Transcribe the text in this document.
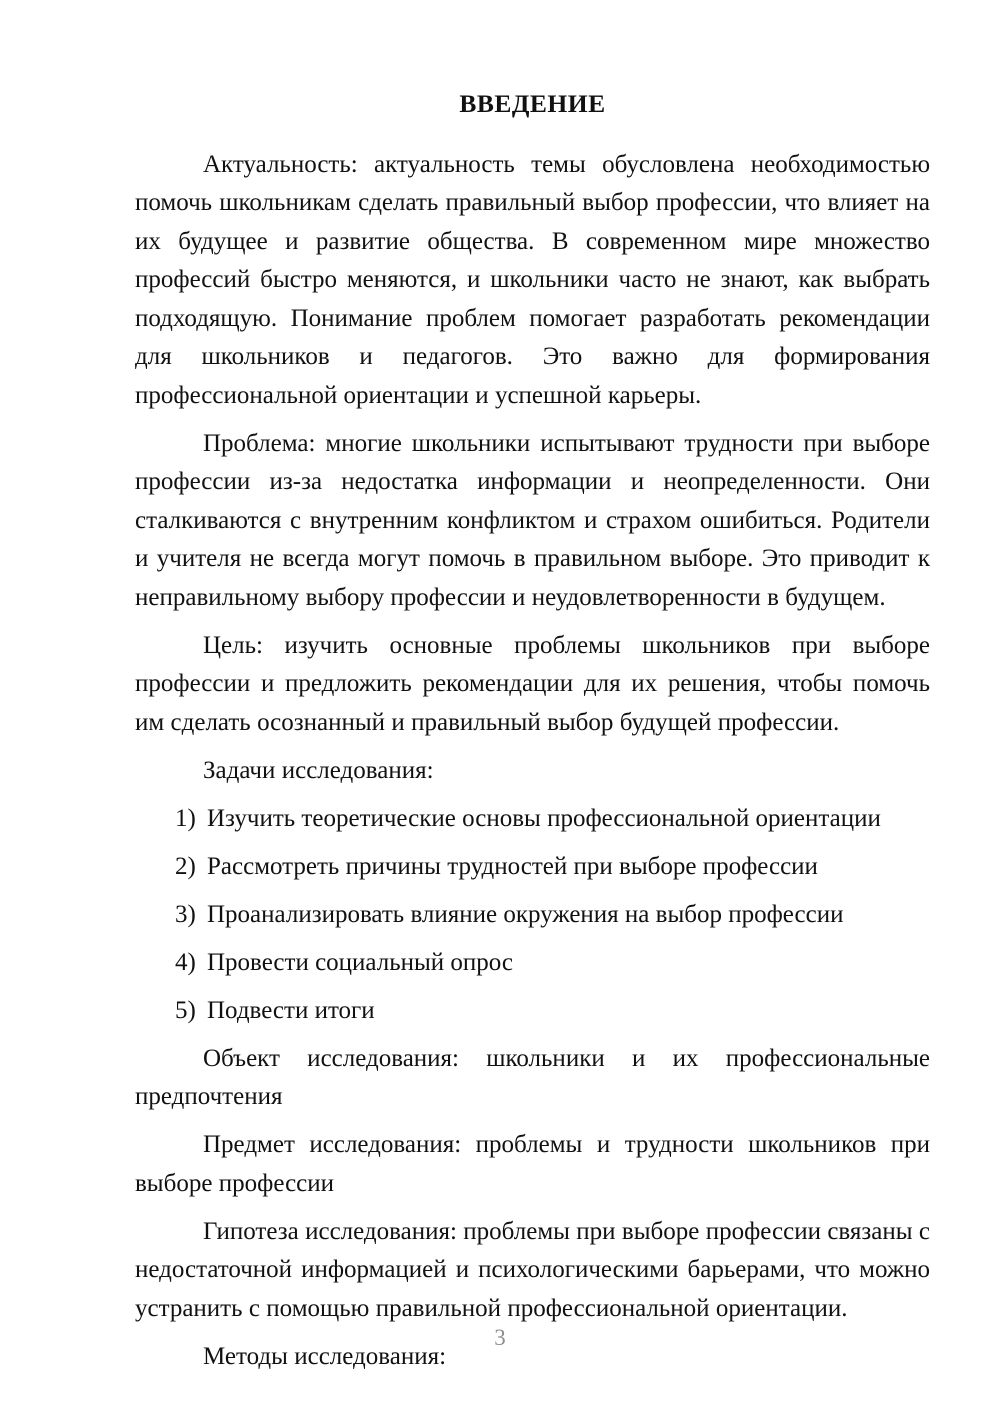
ВВЕДЕНИЕ

Актуальность: актуальность темы обусловлена необходимостью помочь школьникам сделать правильный выбор профессии, что влияет на их будущее и развитие общества. В современном мире множество профессий быстро меняются, и школьники часто не знают, как выбрать подходящую. Понимание проблем помогает разработать рекомендации для школьников и педагогов. Это важно для формирования профессиональной ориентации и успешной карьеры.

Проблема: многие школьники испытывают трудности при выборе профессии из-за недостатка информации и неопределенности. Они сталкиваются с внутренним конфликтом и страхом ошибиться. Родители и учителя не всегда могут помочь в правильном выборе. Это приводит к неправильному выбору профессии и неудовлетворенности в будущем.

Цель: изучить основные проблемы школьников при выборе профессии и предложить рекомендации для их решения, чтобы помочь им сделать осознанный и правильный выбор будущей профессии.

Задачи исследования:

1) Изучить теоретические основы профессиональной ориентации
2) Рассмотреть причины трудностей при выборе профессии
3) Проанализировать влияние окружения на выбор профессии
4) Провести социальный опрос
5) Подвести итоги

Объект исследования: школьники и их профессиональные предпочтения

Предмет исследования: проблемы и трудности школьников при выборе профессии

Гипотеза исследования: проблемы при выборе профессии связаны с недостаточной информацией и психологическими барьерами, что можно устранить с помощью правильной профессиональной ориентации.

Методы исследования:

3
